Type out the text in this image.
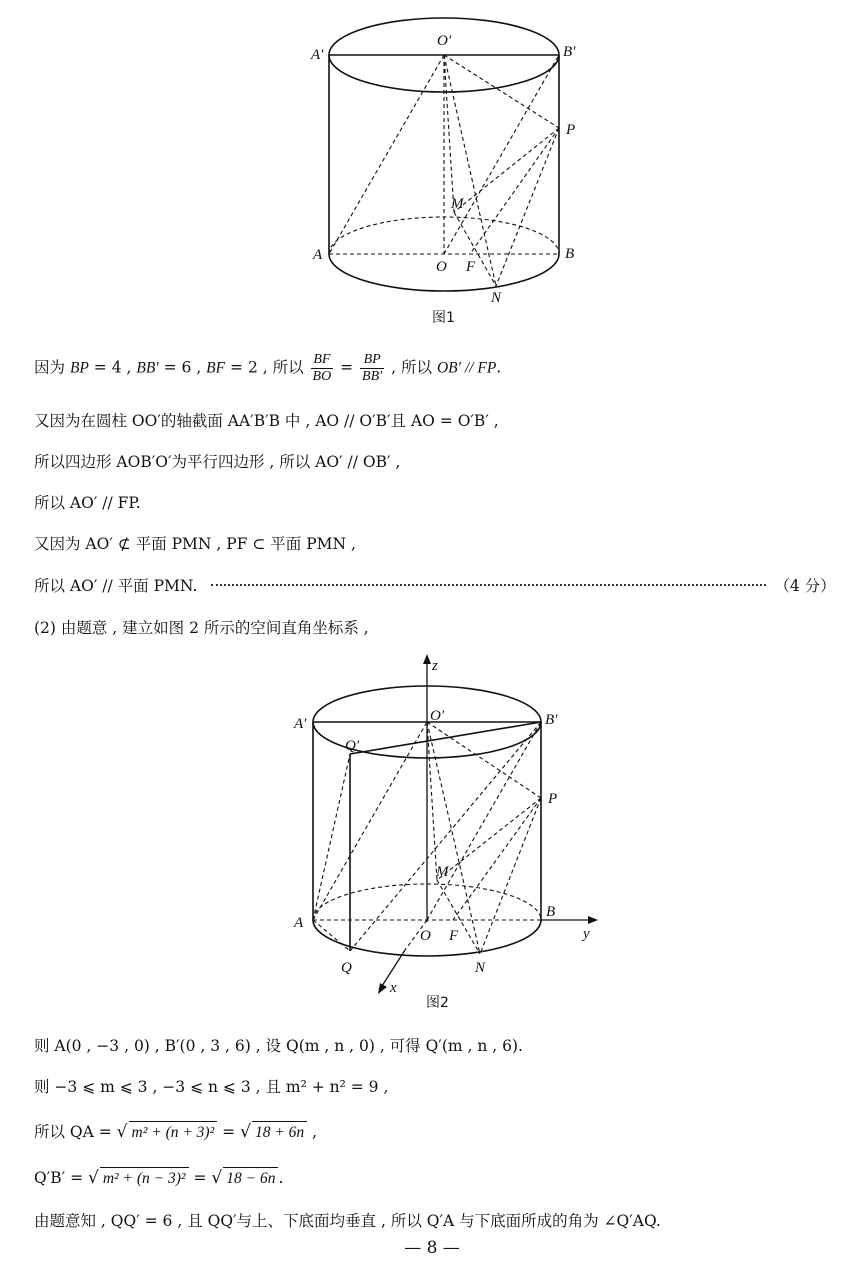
A′
O′
B′
P
M
A
O F
B
N
图1
因为 BP = 4 , BB′ = 6 , BF = 2 , 所以 $\frac{BF}{BO} = \frac{BP}{BB'}$ , 所以 OB′ // FP.
又因为在圆柱 OO′的轴截面 AA′B′B 中 , AO // O′B′且 AO = O′B′ ,
所以四边形 AOB′O′为平行四边形 , 所以 AO′ // OB′ ,
所以 AO′ // FP.
又因为 AO′ ⊄ 平面 PMN , PF ⊂ 平面 PMN ,
所以 AO′ // 平面 PMN.	（4 分）
(2) 由题意 , 建立如图 2 所示的空间直角坐标系 ,
z
A′	O′	B′
Q′
P
M
A
O F
B
y
Q	N
x
图2
则 A(0 , −3 , 0) , B′(0 , 3 , 6) , 设 Q(m , n , 0) , 可得 Q′(m , n , 6).
则 −3 ⩽ m ⩽ 3 , −3 ⩽ n ⩽ 3 , 且 m² + n² = 9 ,
所以 QA = √ m² + (n + 3)² = √ 18 + 6n ,
Q′B′ = √ m² + (n − 3)² = √ 18 − 6n .
由题意知 , QQ′ = 6 , 且 QQ′与上、下底面均垂直 , 所以 Q′A 与下底面所成的角为 ∠Q′AQ.
— 8 —
